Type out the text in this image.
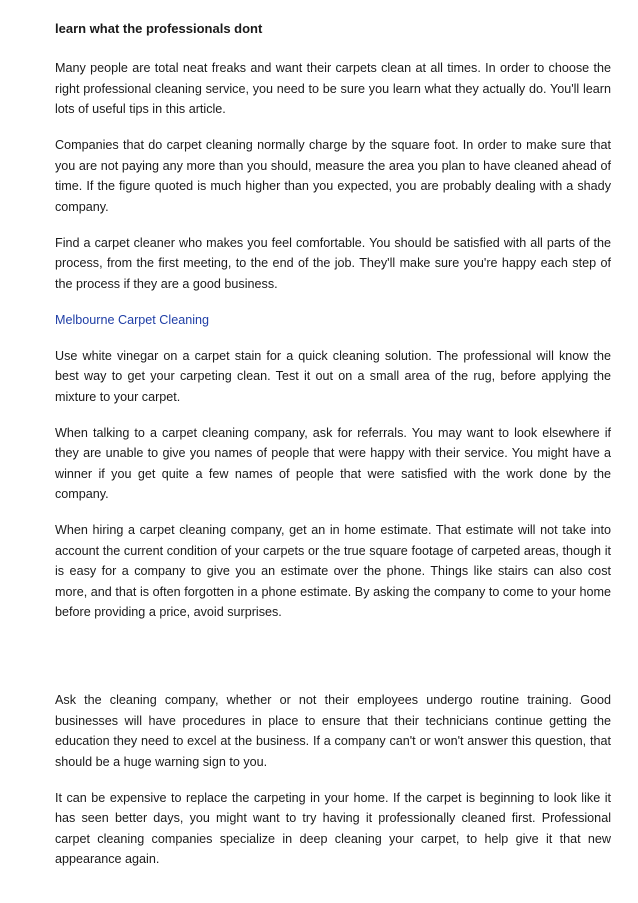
learn what the professionals dont

Many people are total neat freaks and want their carpets clean at all times. In order to choose the right professional cleaning service, you need to be sure you learn what they actually do. You'll learn lots of useful tips in this article.

Companies that do carpet cleaning normally charge by the square foot. In order to make sure that you are not paying any more than you should, measure the area you plan to have cleaned ahead of time. If the figure quoted is much higher than you expected, you are probably dealing with a shady company.

Find a carpet cleaner who makes you feel comfortable. You should be satisfied with all parts of the process, from the first meeting, to the end of the job. They'll make sure you're happy each step of the process if they are a good business.

Melbourne Carpet Cleaning

Use white vinegar on a carpet stain for a quick cleaning solution. The professional will know the best way to get your carpeting clean. Test it out on a small area of the rug, before applying the mixture to your carpet.

When talking to a carpet cleaning company, ask for referrals. You may want to look elsewhere if they are unable to give you names of people that were happy with their service. You might have a winner if you get quite a few names of people that were satisfied with the work done by the company.

When hiring a carpet cleaning company, get an in home estimate. That estimate will not take into account the current condition of your carpets or the true square footage of carpeted areas, though it is easy for a company to give you an estimate over the phone. Things like stairs can also cost more, and that is often forgotten in a phone estimate. By asking the company to come to your home before providing a price, avoid surprises.

Ask the cleaning company, whether or not their employees undergo routine training. Good businesses will have procedures in place to ensure that their technicians continue getting the education they need to excel at the business. If a company can't or won't answer this question, that should be a huge warning sign to you.

It can be expensive to replace the carpeting in your home. If the carpet is beginning to look like it has seen better days, you might want to try having it professionally cleaned first. Professional carpet cleaning companies specialize in deep cleaning your carpet, to help give it that new appearance again.
